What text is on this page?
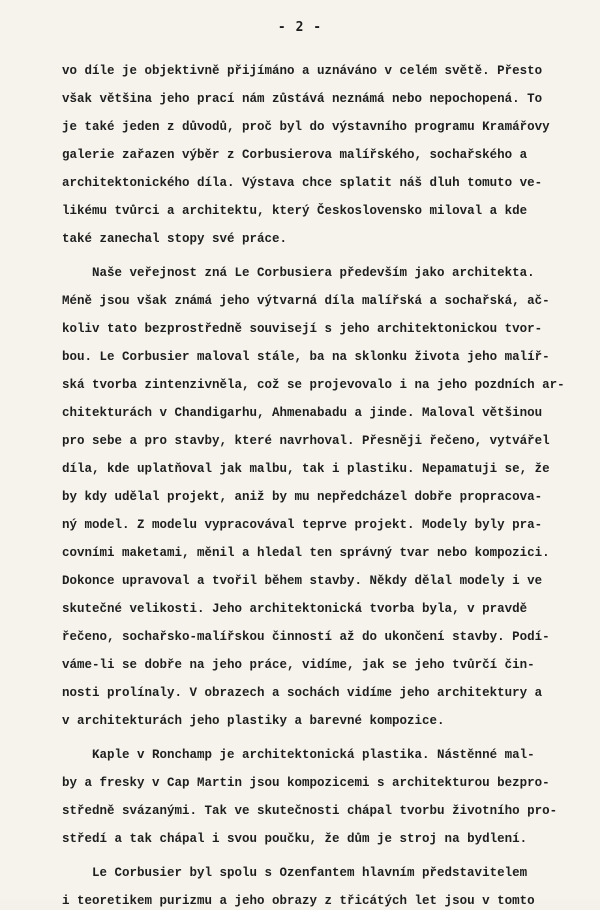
- 2 -
vo díle je objektivně přijímáno a uznáváno v celém světě. Přesto
však většina jeho prací nám zůstává neznámá nebo nepochopená. To
je také jeden z důvodů, proč byl do výstavního programu Kramářovy
galerie zařazen výběr z Corbusierova malířského, sochařského a
architektonického díla. Výstava chce splatit náš dluh tomuto ve-
likému tvůrci a architektu, který Československo miloval a kde
také zanechal stopy své práce.
Naše veřejnost zná Le Corbusiera především jako architekta.
Méně jsou však známá jeho výtvarná díla malířská a sochařská, ač-
koliv tato bezprostředně souvisejí s jeho architektonickou tvor-
bou. Le Corbusier maloval stále, ba na sklonku života jeho malíř-
ská tvorba zintenzivněla, což se projevovalo i na jeho pozdních ar-
chitekturách v Chandigarhu, Ahmenabadu a jinde. Maloval většinou
pro sebe a pro stavby, které navrhoval. Přesněji řečeno, vytvářel
díla, kde uplatňoval jak malbu, tak i plastiku. Nepamatuji se, že
by kdy udělal projekt, aniž by mu nepředcházel dobře propracova-
ný model. Z modelu vypracovával teprve projekt. Modely byly pra-
covními maketami, měnil a hledal ten správný tvar nebo kompozici.
Dokonce upravoval a tvořil během stavby. Někdy dělal modely i ve
skutečné velikosti. Jeho architektonická tvorba byla, v pravdě
řečeno, sochařsko-malířskou činností až do ukončení stavby. Podí-
váme-li se dobře na jeho práce, vidíme, jak se jeho tvůrčí čin-
nosti prolínaly. V obrazech a sochách vidíme jeho architektury a
v architekturách jeho plastiky a barevné kompozice.
Kaple v Ronchamp je architektonická plastika. Nástěnné mal-
by a fresky v Cap Martin jsou kompozicemi s architekturou bezpro-
středně svázanými. Tak ve skutečnosti chápal tvorbu životního pro-
středí a tak chápal i svou poučku, že dům je stroj na bydlení.
Le Corbusier byl spolu s Ozenfantem hlavním představitelem
i teoretikem purizmu a jeho obrazy z třicátých let jsou v tomto
